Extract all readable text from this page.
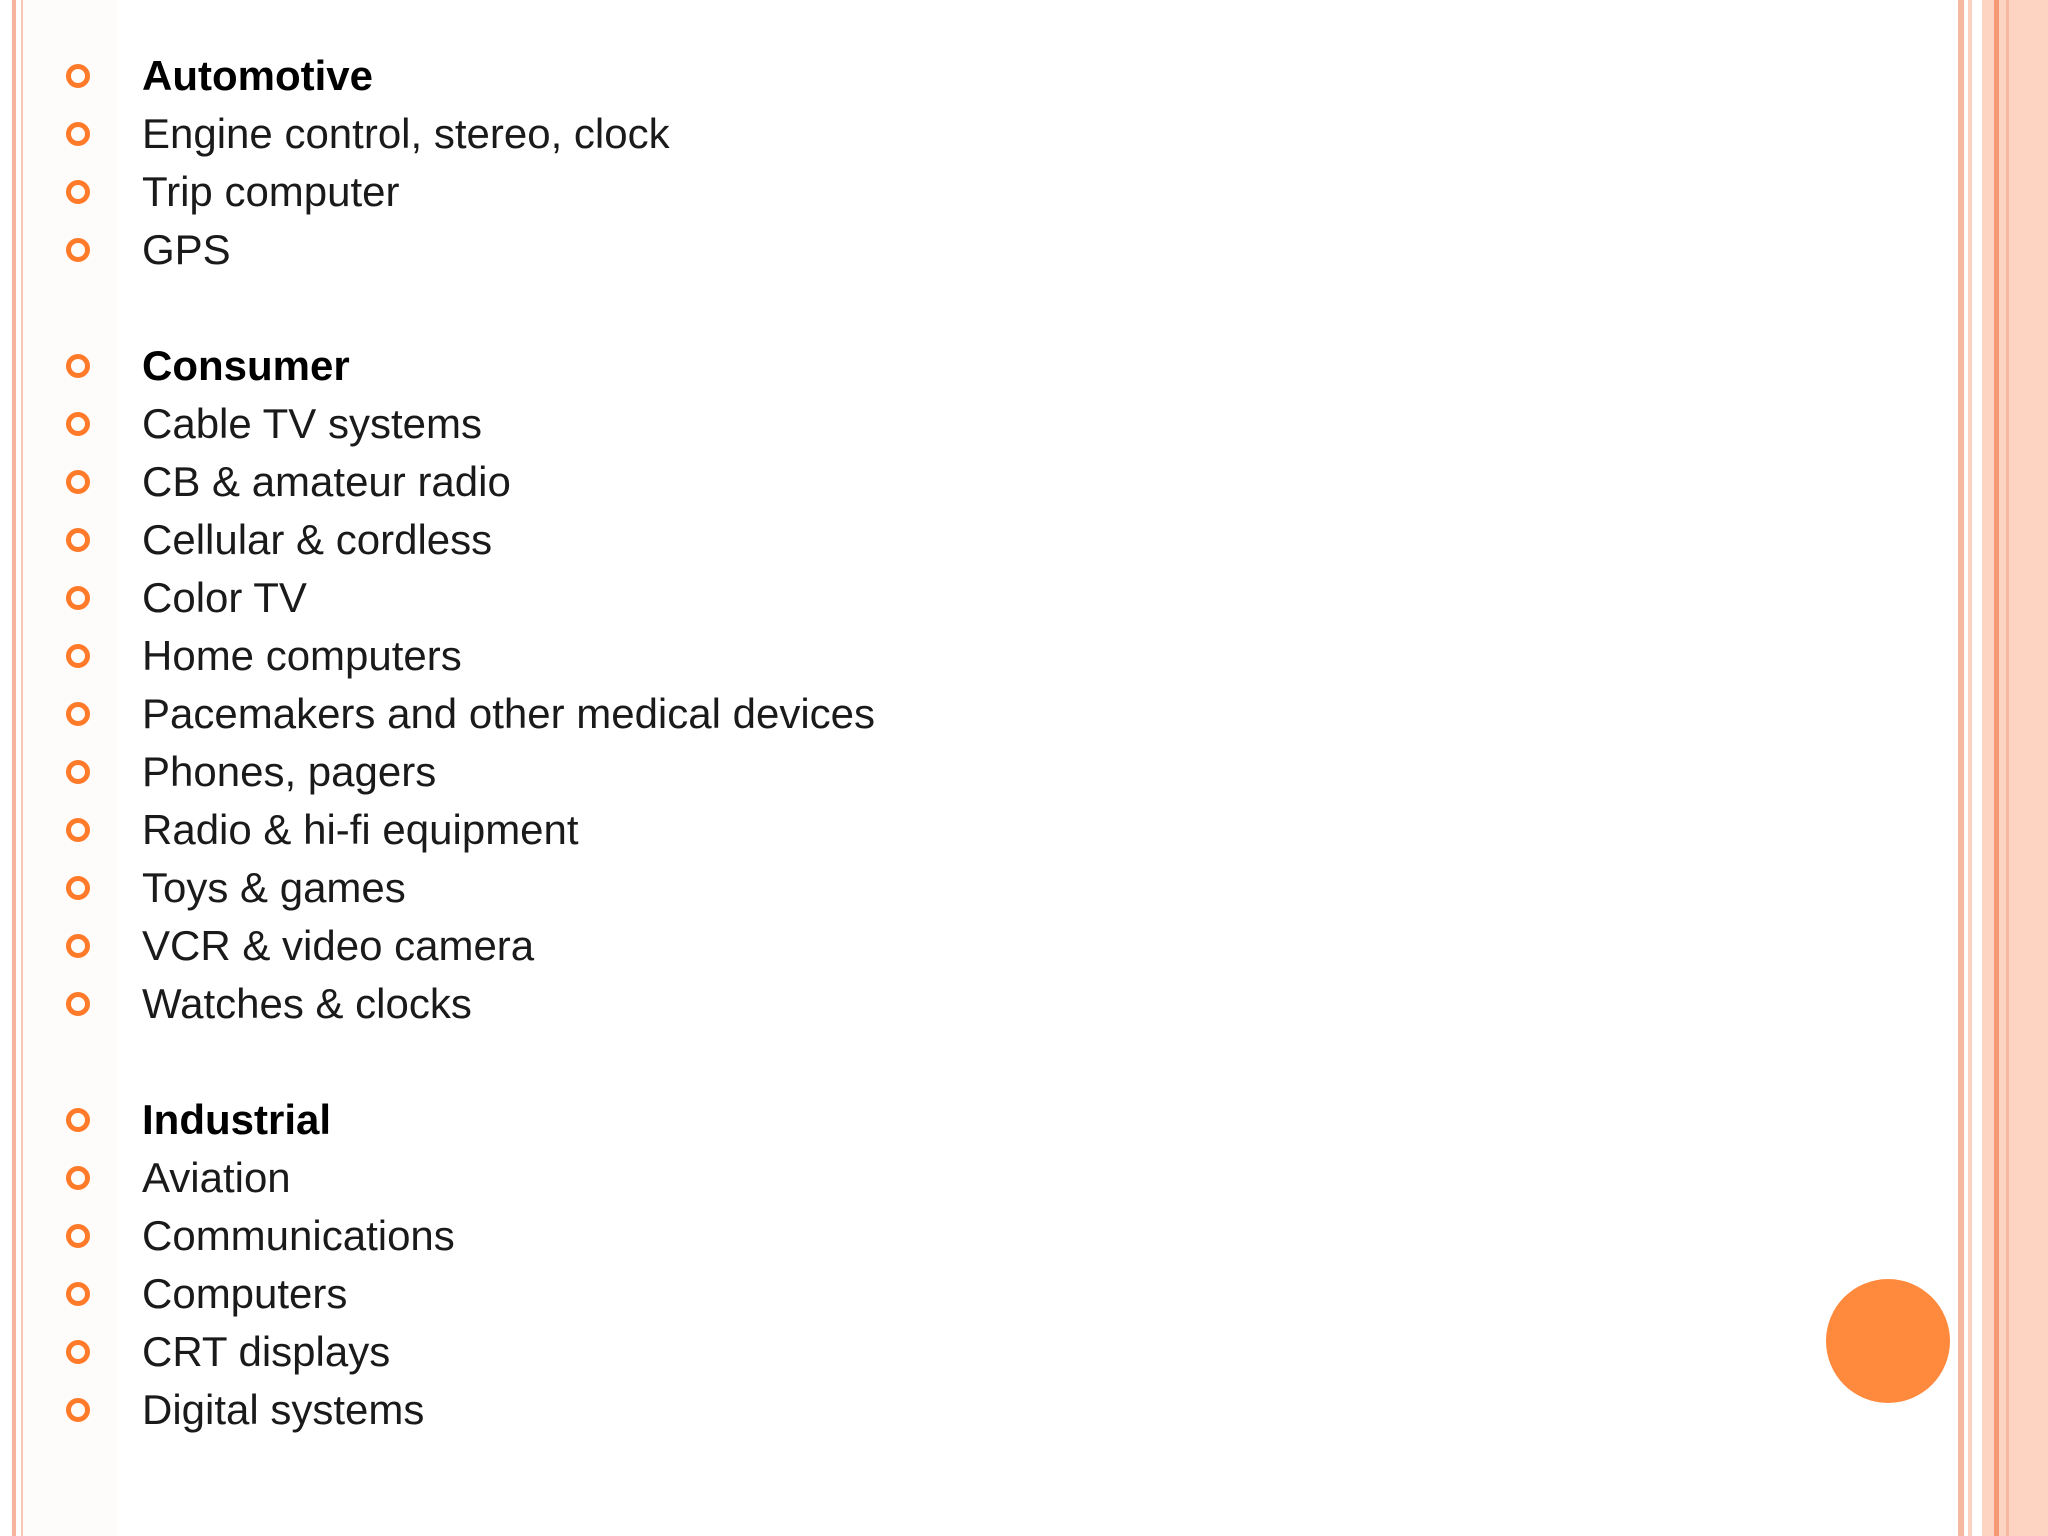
Automotive
Engine control, stereo, clock
Trip computer
GPS
Consumer
Cable TV systems
CB & amateur radio
Cellular & cordless
Color TV
Home computers
Pacemakers and other medical devices
Phones, pagers
Radio & hi-fi equipment
Toys & games
VCR & video camera
Watches & clocks
Industrial
Aviation
Communications
Computers
CRT displays
Digital systems
